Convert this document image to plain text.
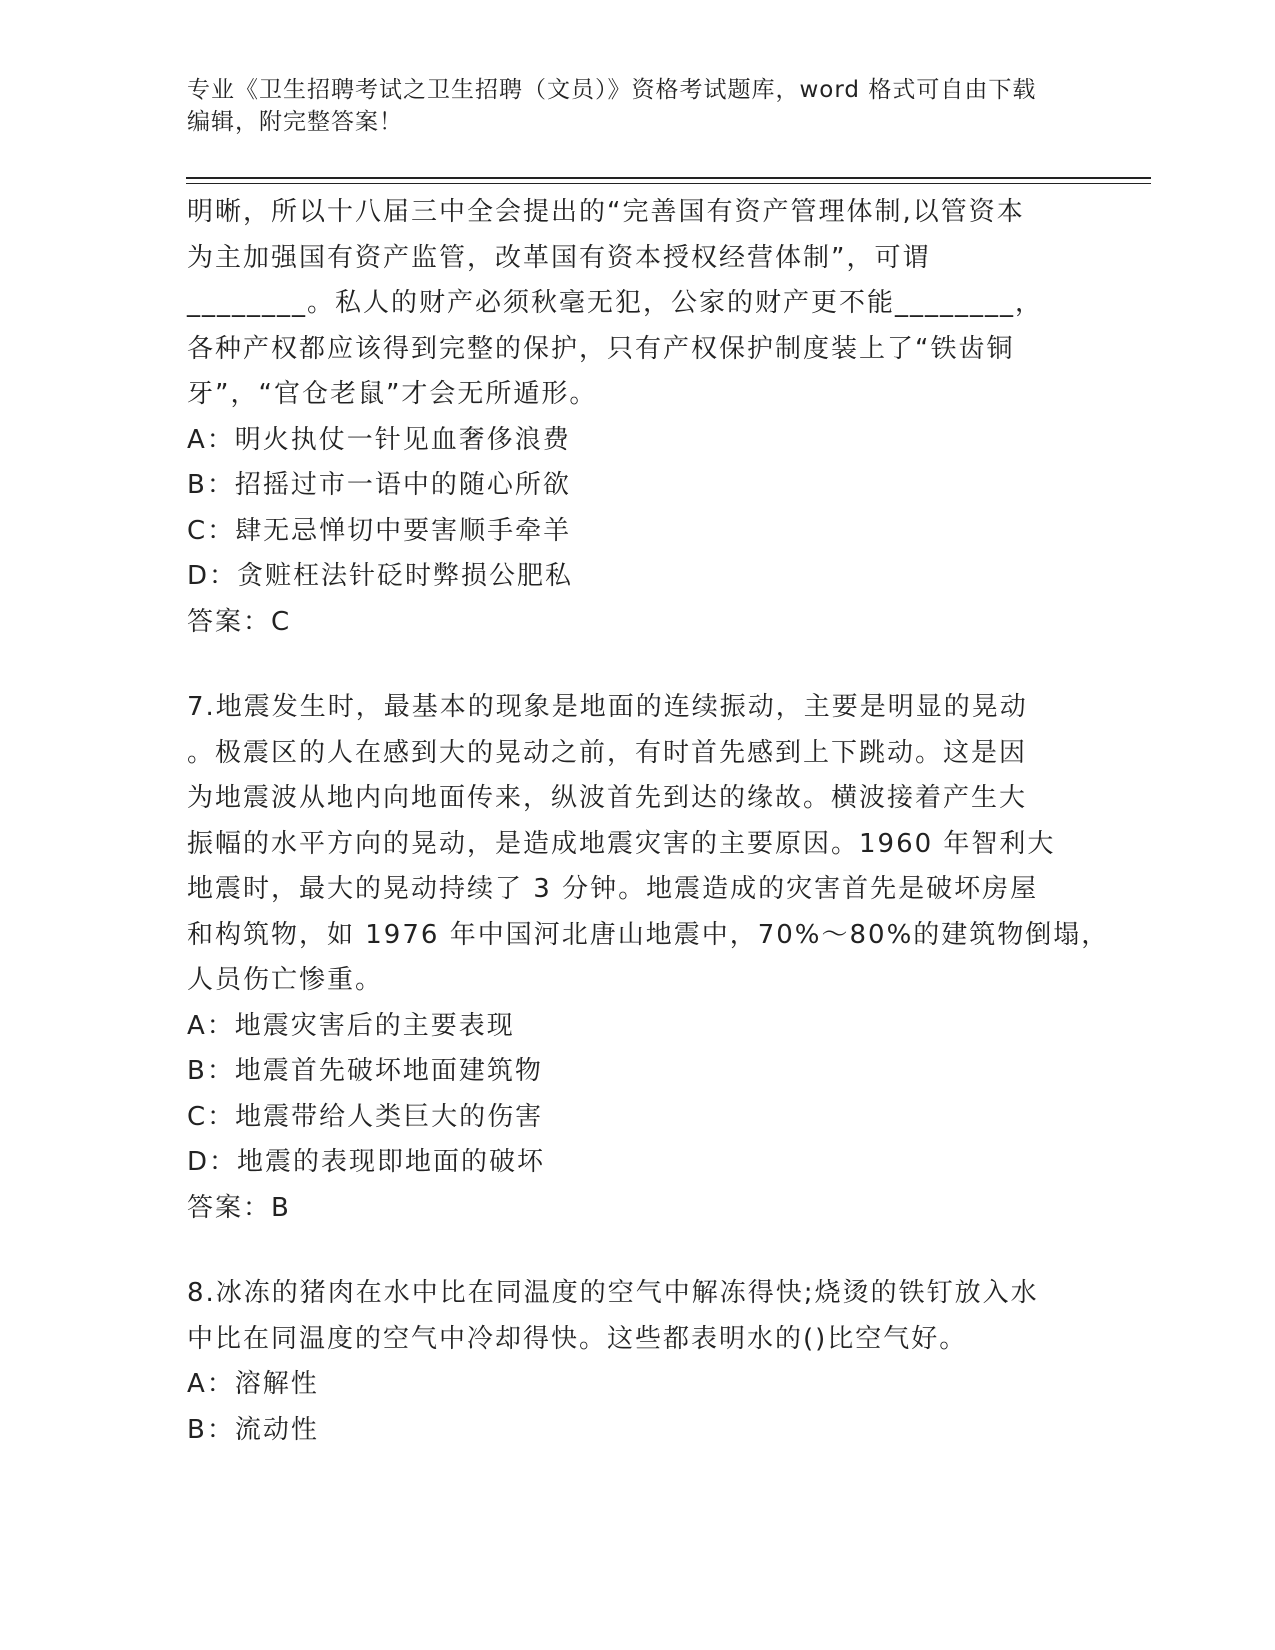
专业《卫生招聘考试之卫生招聘（文员）》资格考试题库，word 格式可自由下载
编辑，附完整答案！
明晰，所以十八届三中全会提出的“完善国有资产管理体制,以管资本
为主加强国有资产监管，改革国有资本授权经营体制”，可谓
________。私人的财产必须秋毫无犯，公家的财产更不能________，
各种产权都应该得到完整的保护，只有产权保护制度装上了“铁齿铜
牙”，“官仓老鼠”才会无所遁形。
A：明火执仗一针见血奢侈浪费
B：招摇过市一语中的随心所欲
C：肆无忌惮切中要害顺手牵羊
D：贪赃枉法针砭时弊损公肥私
答案：C
7.地震发生时，最基本的现象是地面的连续振动，主要是明显的晃动
。极震区的人在感到大的晃动之前，有时首先感到上下跳动。这是因
为地震波从地内向地面传来，纵波首先到达的缘故。横波接着产生大
振幅的水平方向的晃动，是造成地震灾害的主要原因。1960 年智利大
地震时，最大的晃动持续了 3 分钟。地震造成的灾害首先是破坏房屋
和构筑物，如 1976 年中国河北唐山地震中，70%～80%的建筑物倒塌，
人员伤亡惨重。
A：地震灾害后的主要表现
B：地震首先破坏地面建筑物
C：地震带给人类巨大的伤害
D：地震的表现即地面的破坏
答案：B
8.冰冻的猪肉在水中比在同温度的空气中解冻得快;烧烫的铁钉放入水
中比在同温度的空气中冷却得快。这些都表明水的()比空气好。
A：溶解性
B：流动性
